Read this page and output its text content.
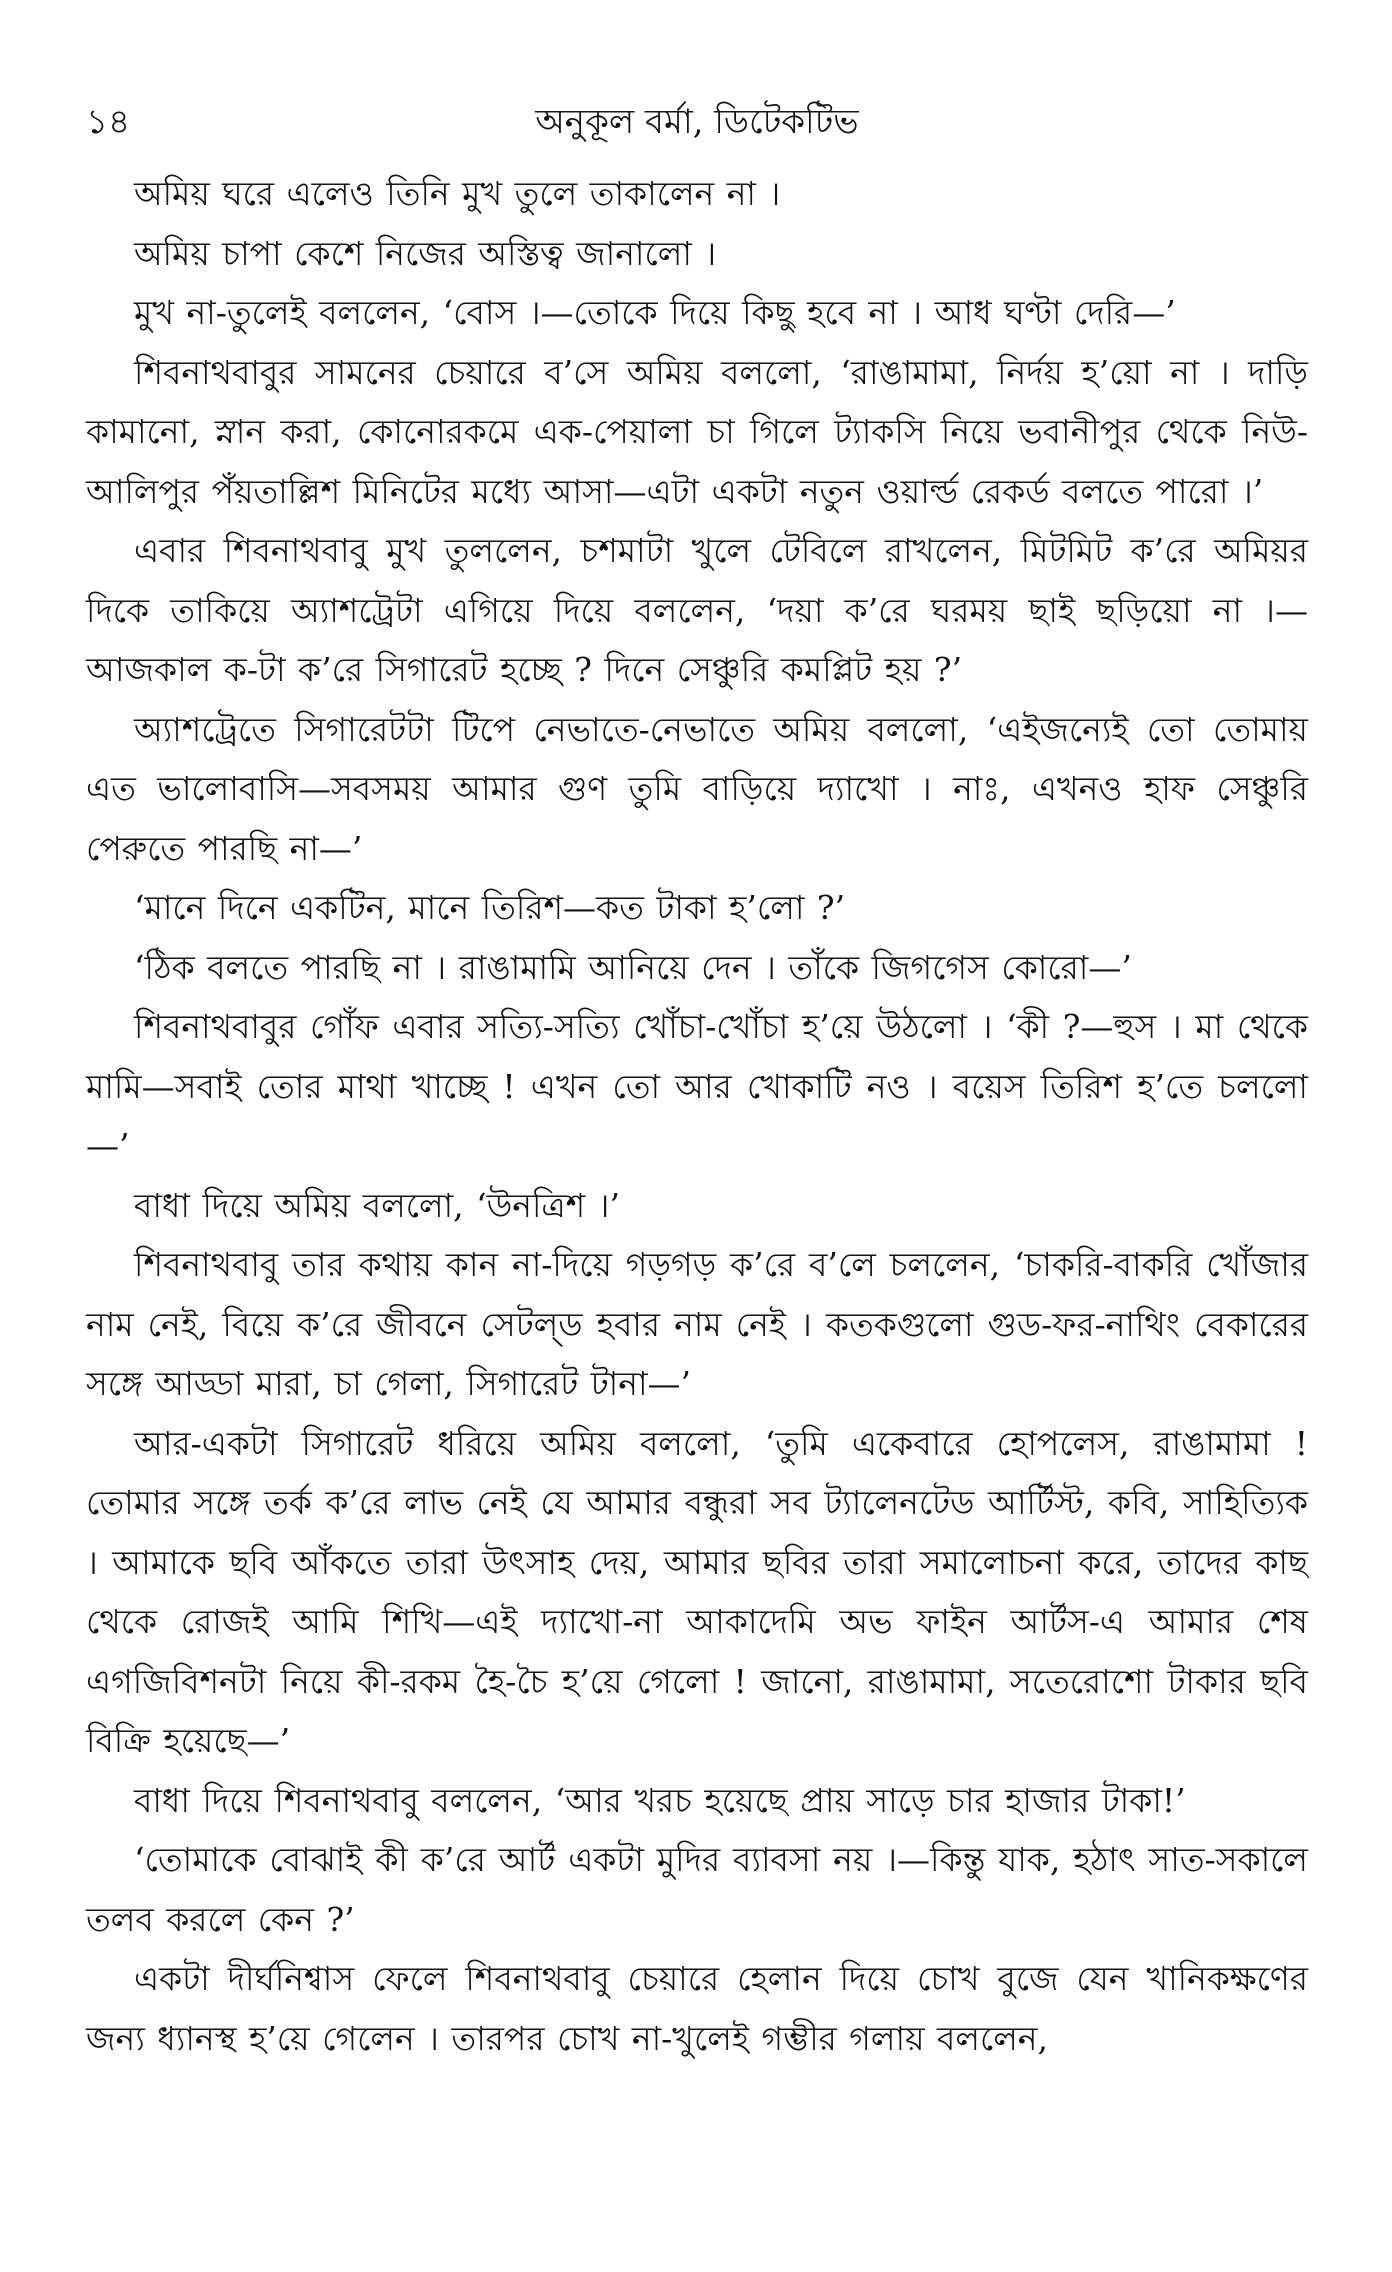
১৪	অনুকূল বর্মা, ডিটেকটিভ

অমিয় ঘরে এলেও তিনি মুখ তুলে তাকালেন না ।

অমিয় চাপা কেশে নিজের অস্তিত্ব জানালো ।

মুখ না-তুলেই বললেন, ‘বোস ।—তোকে দিয়ে কিছু হবে না । আধ ঘণ্টা দেরি—’

শিবনাথবাবুর সামনের চেয়ারে ব’সে অমিয় বললো, ‘রাঙামামা, নির্দয় হ’য়ো না । দাড়ি কামানো, স্নান করা, কোনোরকমে এক-পেয়ালা চা গিলে ট্যাকসি নিয়ে ভবানীপুর থেকে নিউ-আলিপুর পঁয়তাল্লিশ মিনিটের মধ্যে আসা—এটা একটা নতুন ওয়ার্ল্ড রেকর্ড বলতে পারো ।’

এবার শিবনাথবাবু মুখ তুললেন, চশমাটা খুলে টেবিলে রাখলেন, মিটমিট ক’রে অমিয়র দিকে তাকিয়ে অ্যাশট্রেটা এগিয়ে দিয়ে বললেন, ‘দয়া ক’রে ঘরময় ছাই ছড়িয়ো না ।—আজকাল ক-টা ক’রে সিগারেট হচ্ছে ? দিনে সেঞ্চুরি কমপ্লিট হয় ?’

অ্যাশট্রেতে সিগারেটটা টিপে নেভাতে-নেভাতে অমিয় বললো, ‘এইজন্যেই তো তোমায় এত ভালোবাসি—সবসময় আমার গুণ তুমি বাড়িয়ে দ্যাখো । নাঃ, এখনও হাফ সেঞ্চুরি পেরুতে পারছি না—’

‘মানে দিনে একটিন, মানে তিরিশ—কত টাকা হ’লো ?’

‘ঠিক বলতে পারছি না । রাঙামামি আনিয়ে দেন । তাঁকে জিগগেস কোরো—’

শিবনাথবাবুর গোঁফ এবার সত্যি-সত্যি খোঁচা-খোঁচা হ’য়ে উঠলো । ‘কী ?—হুস । মা থেকে মামি—সবাই তোর মাথা খাচ্ছে ! এখন তো আর খোকাটি নও । বয়েস তিরিশ হ’তে চললো—’

বাধা দিয়ে অমিয় বললো, ‘উনত্রিশ ।’

শিবনাথবাবু তার কথায় কান না-দিয়ে গড়গড় ক’রে ব’লে চললেন, ‘চাকরি-বাকরি খোঁজার নাম নেই, বিয়ে ক’রে জীবনে সেটল্‌ড হবার নাম নেই । কতকগুলো গুড-ফর-নাথিং বেকারের সঙ্গে আড্ডা মারা, চা গেলা, সিগারেট টানা—’

আর-একটা সিগারেট ধরিয়ে অমিয় বললো, ‘তুমি একেবারে হোপলেস, রাঙামামা ! তোমার সঙ্গে তর্ক ক’রে লাভ নেই যে আমার বন্ধুরা সব ট্যালেনটেড আর্টিস্ট, কবি, সাহিত্যিক । আমাকে ছবি আঁকতে তারা উৎসাহ দেয়, আমার ছবির তারা সমালোচনা করে, তাদের কাছ থেকে রোজই আমি শিখি—এই দ্যাখো-না আকাদেমি অভ ফাইন আর্টস-এ আমার শেষ এগজিবিশনটা নিয়ে কী-রকম হৈ-চৈ হ’য়ে গেলো ! জানো, রাঙামামা, সতেরোশো টাকার ছবি বিক্রি হয়েছে—’

বাধা দিয়ে শিবনাথবাবু বললেন, ‘আর খরচ হয়েছে প্রায় সাড়ে চার হাজার টাকা!’

‘তোমাকে বোঝাই কী ক’রে আর্ট একটা মুদির ব্যাবসা নয় ।—কিন্তু যাক, হঠাৎ সাত-সকালে তলব করলে কেন ?’

একটা দীর্ঘনিশ্বাস ফেলে শিবনাথবাবু চেয়ারে হেলান দিয়ে চোখ বুজে যেন খানিকক্ষণের জন্য ধ্যানস্থ হ’য়ে গেলেন । তারপর চোখ না-খুলেই গম্ভীর গলায় বললেন,
